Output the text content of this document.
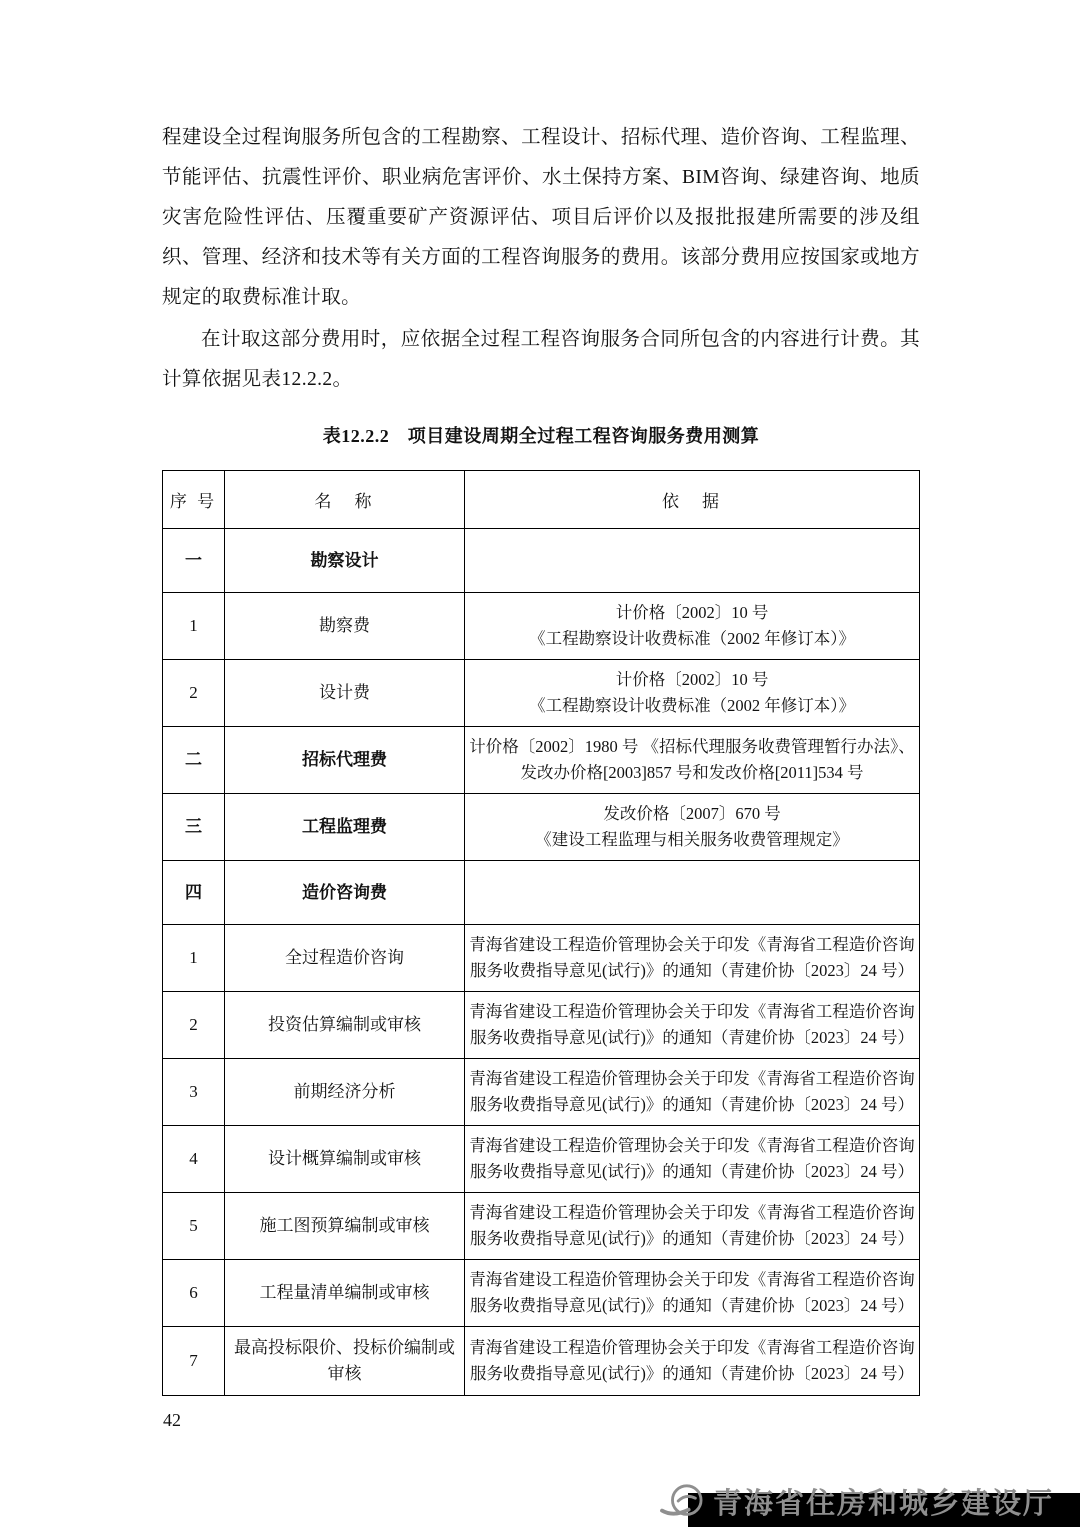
程建设全过程询服务所包含的工程勘察、工程设计、招标代理、造价咨询、工程监理、节能评估、抗震性评价、职业病危害评价、水土保持方案、BIM咨询、绿建咨询、地质灾害危险性评估、压覆重要矿产资源评估、项目后评价以及报批报建所需要的涉及组织、管理、经济和技术等有关方面的工程咨询服务的费用。该部分费用应按国家或地方规定的取费标准计取。

在计取这部分费用时，应依据全过程工程咨询服务合同所包含的内容进行计费。其计算依据见表12.2.2。

表12.2.2　项目建设周期全过程工程咨询服务费用测算
序 号	名　称	依　据
一	勘察设计	
1	勘察费	计价格〔2002〕10 号
《工程勘察设计收费标准（2002 年修订本）》
2	设计费	计价格〔2002〕10 号
《工程勘察设计收费标准（2002 年修订本）》
二	招标代理费	计价格〔2002〕1980 号 《招标代理服务收费管理暂行办法》、
发改办价格[2003]857 号和发改价格[2011]534 号
三	工程监理费	发改价格〔2007〕670 号
《建设工程监理与相关服务收费管理规定》
四	造价咨询费	
1	全过程造价咨询	青海省建设工程造价管理协会关于印发《青海省工程造价咨询
服务收费指导意见(试行)》的通知（青建价协〔2023〕24 号）
2	投资估算编制或审核	青海省建设工程造价管理协会关于印发《青海省工程造价咨询
服务收费指导意见(试行)》的通知（青建价协〔2023〕24 号）
3	前期经济分析	青海省建设工程造价管理协会关于印发《青海省工程造价咨询
服务收费指导意见(试行)》的通知（青建价协〔2023〕24 号）
4	设计概算编制或审核	青海省建设工程造价管理协会关于印发《青海省工程造价咨询
服务收费指导意见(试行)》的通知（青建价协〔2023〕24 号）
5	施工图预算编制或审核	青海省建设工程造价管理协会关于印发《青海省工程造价咨询
服务收费指导意见(试行)》的通知（青建价协〔2023〕24 号）
6	工程量清单编制或审核	青海省建设工程造价管理协会关于印发《青海省工程造价咨询
服务收费指导意见(试行)》的通知（青建价协〔2023〕24 号）
7	最高投标限价、投标价编制或审核	青海省建设工程造价管理协会关于印发《青海省工程造价咨询
服务收费指导意见(试行)》的通知（青建价协〔2023〕24 号）
42
青海省住房和城乡建设厅
